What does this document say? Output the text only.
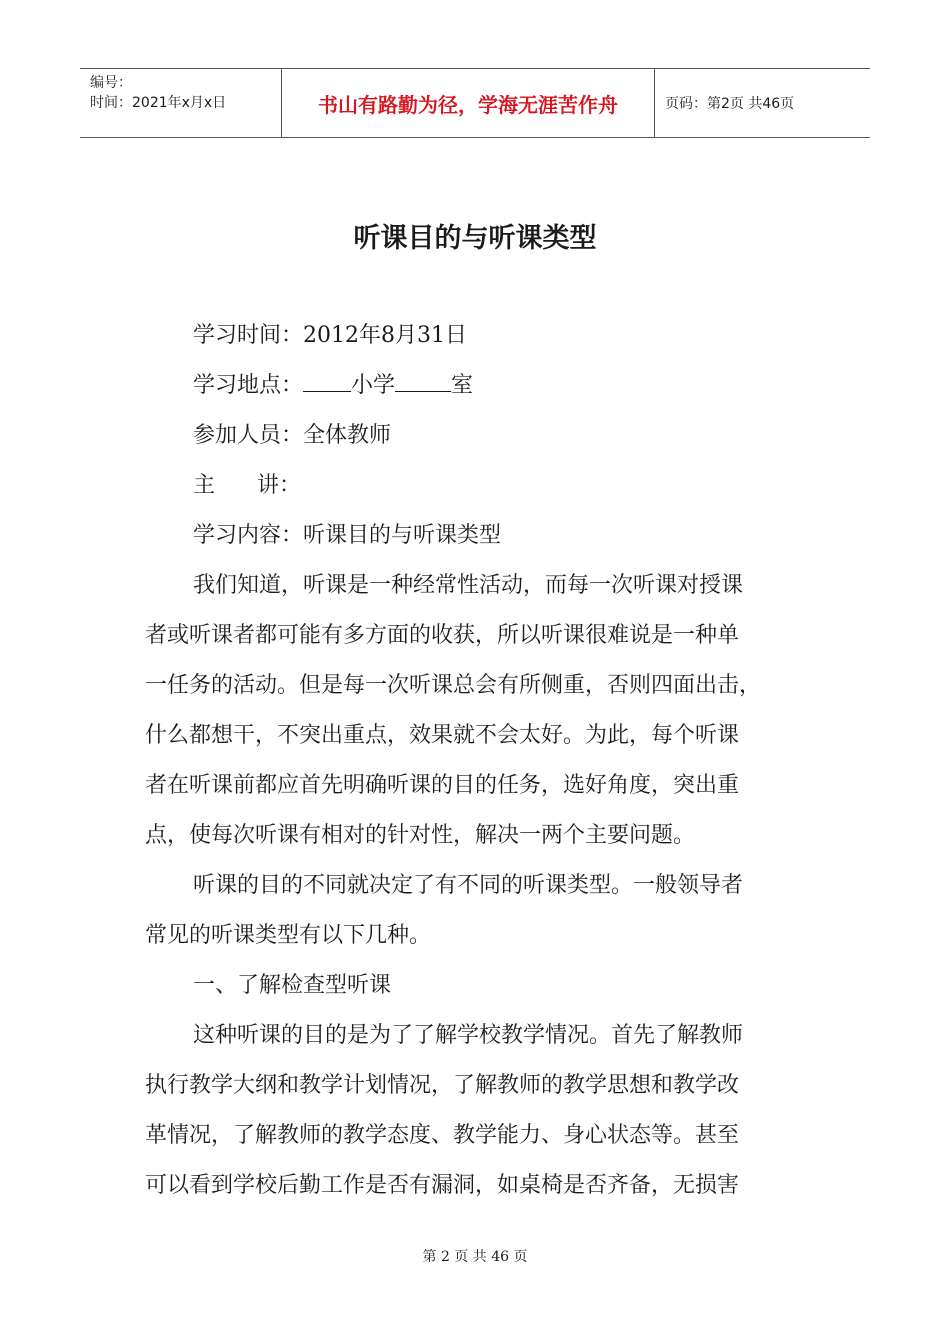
编号：
时间：2021年x月x日	书山有路勤为径，学海无涯苦作舟	页码：第2页 共46页
听课目的与听课类型
学习时间：2012年8月31日
学习地点： 小学	室
参加人员：全体教师
主      讲：
学习内容：听课目的与听课类型
我们知道，听课是一种经常性活动，而每一次听课对授课
者或听课者都可能有多方面的收获，所以听课很难说是一种单
一任务的活动。但是每一次听课总会有所侧重，否则四面出击，
什么都想干，不突出重点，效果就不会太好。为此，每个听课
者在听课前都应首先明确听课的目的任务，选好角度，突出重
点，使每次听课有相对的针对性，解决一两个主要问题。
听课的目的不同就决定了有不同的听课类型。一般领导者
常见的听课类型有以下几种。
一、了解检查型听课
这种听课的目的是为了了解学校教学情况。首先了解教师
执行教学大纲和教学计划情况，了解教师的教学思想和教学改
革情况，了解教师的教学态度、教学能力、身心状态等。甚至
可以看到学校后勤工作是否有漏洞，如桌椅是否齐备，无损害
第 2 页 共 46 页
